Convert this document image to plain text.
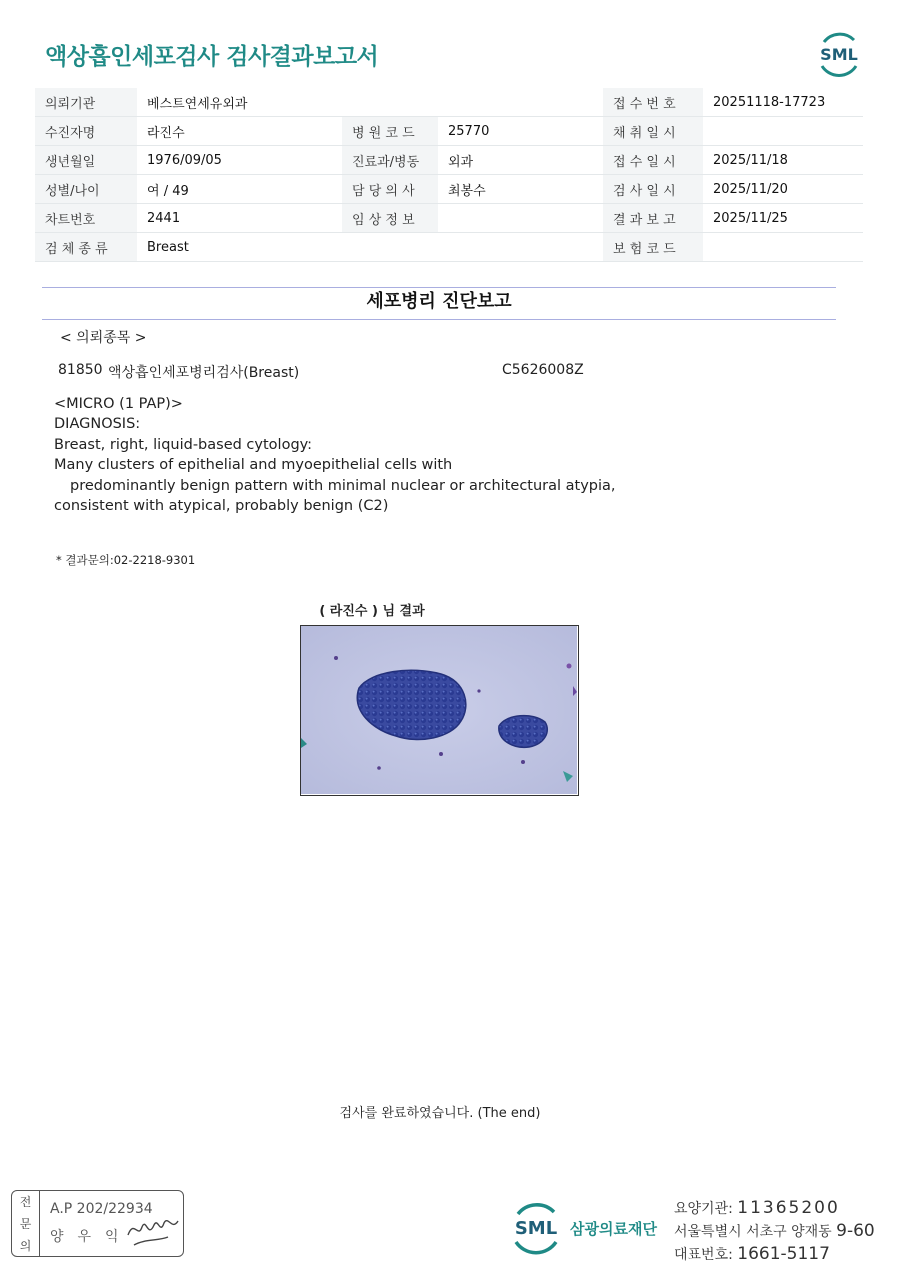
액상흡인세포검사 검사결과보고서	SML
의뢰기관	베스트연세유외과			접 수 번 호	20251118-17723
수진자명	라진수	병 원 코 드	25770	채 취 일 시	
생년월일	1976/09/05	진료과/병동	외과	접 수 일 시	2025/11/18
성별/나이	여 / 49	담 당 의 사	최봉수	검 사 일 시	2025/11/20
차트번호	2441	임 상 정 보		결 과 보 고	2025/11/25
검 체 종 류	Breast			보 험 코 드	
세포병리 진단보고
< 의뢰종목 >
81850 액상흡인세포병리검사(Breast)	C5626008Z
<MICRO (1 PAP)>
DIAGNOSIS:
Breast, right, liquid-based cytology:
Many clusters of epithelial and myoepithelial cells with
predominantly benign pattern with minimal nuclear or architectural atypia,
consistent with atypical, probably benign (C2)
* 결과문의:02-2218-9301
( 라진수 ) 님 결과
검사를 완료하였습니다. (The end)
전
문
의
A.P 202/22934
양우익	SML 삼광의료재단
요양기관: 11365200
서울특별시 서초구 양재동 9-60
대표번호: 1661-5117
